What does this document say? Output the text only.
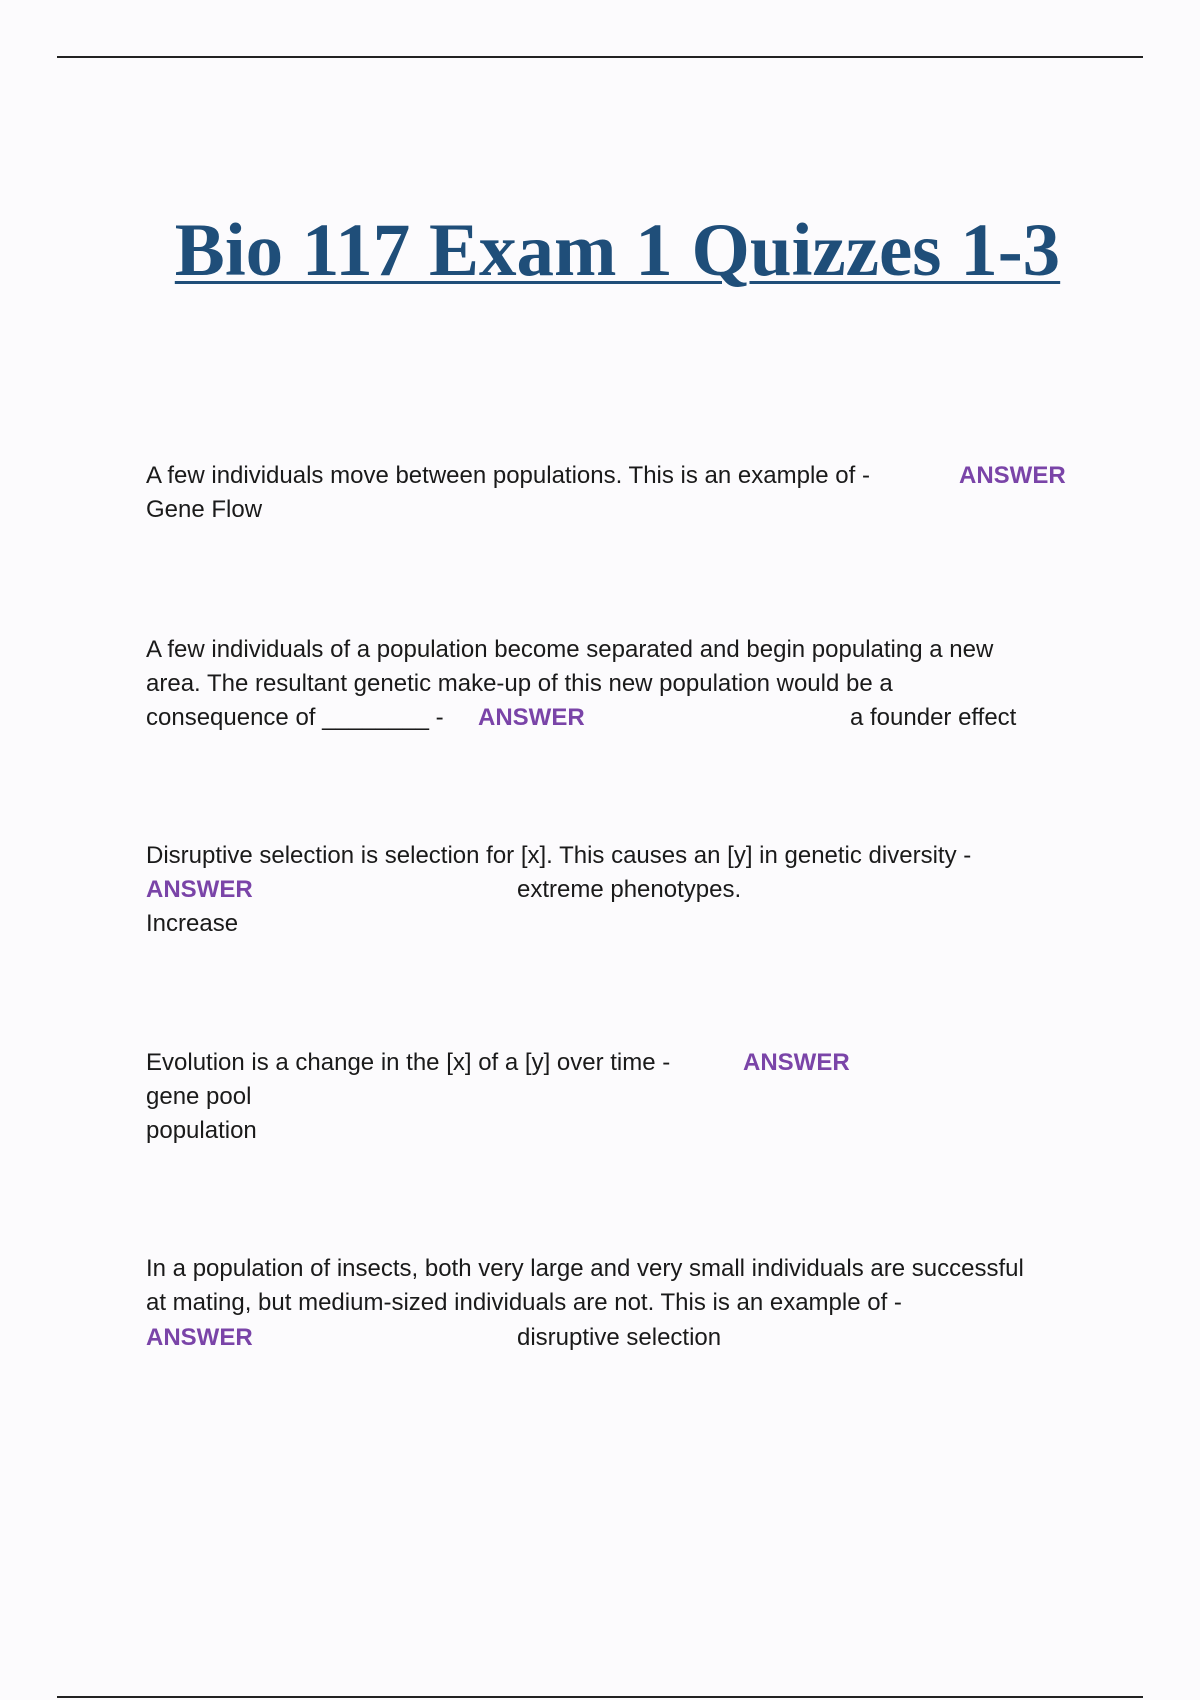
Bio 117 Exam 1 Quizzes 1-3
A few individuals move between populations. This is an example of -	ANSWER
Gene Flow
A few individuals of a population become separated and begin populating a new
area. The resultant genetic make-up of this new population would be a
consequence of ________ - ANSWER	a founder effect
Disruptive selection is selection for [x]. This causes an [y] in genetic diversity -
ANSWER	extreme phenotypes.
Increase
Evolution is a change in the [x] of a [y] over time -	ANSWER
gene pool
population
In a population of insects, both very large and very small individuals are successful
at mating, but medium-sized individuals are not. This is an example of -
ANSWER	disruptive selection
